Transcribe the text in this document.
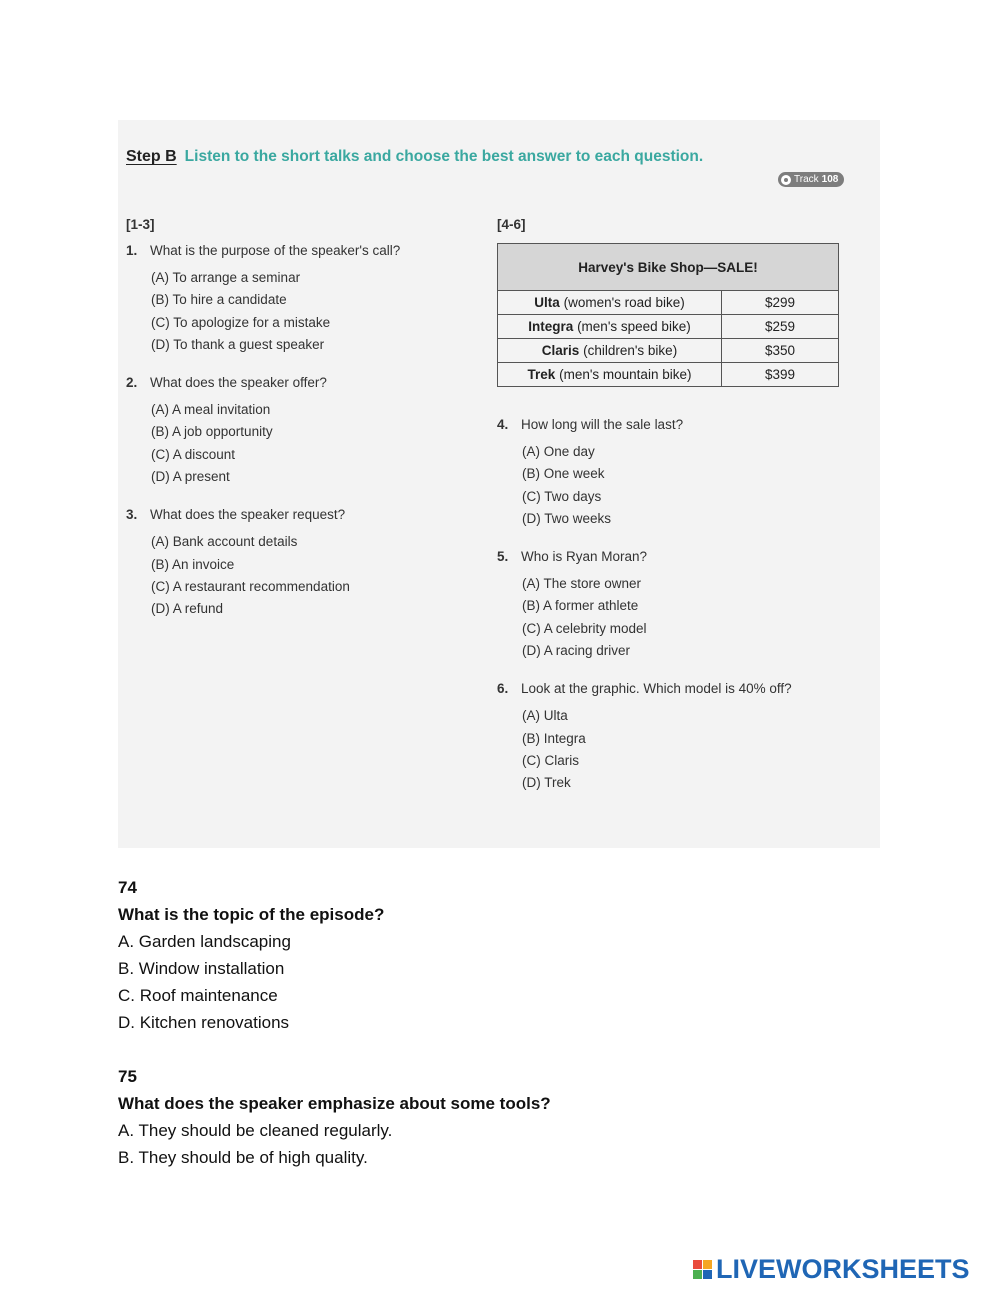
Step B Listen to the short talks and choose the best answer to each question.
Track 108
[1-3]
1. What is the purpose of the speaker's call?
(A) To arrange a seminar
(B) To hire a candidate
(C) To apologize for a mistake
(D) To thank a guest speaker
2. What does the speaker offer?
(A) A meal invitation
(B) A job opportunity
(C) A discount
(D) A present
3. What does the speaker request?
(A) Bank account details
(B) An invoice
(C) A restaurant recommendation
(D) A refund
[4-6]
Harvey's Bike Shop—SALE!	
Ulta (women's road bike)	$299
Integra (men's speed bike)	$259
Claris (children's bike)	$350
Trek (men's mountain bike)	$399
4. How long will the sale last?
(A) One day
(B) One week
(C) Two days
(D) Two weeks
5. Who is Ryan Moran?
(A) The store owner
(B) A former athlete
(C) A celebrity model
(D) A racing driver
6. Look at the graphic. Which model is 40% off?
(A) Ulta
(B) Integra
(C) Claris
(D) Trek
74
What is the topic of the episode?
A. Garden landscaping
B. Window installation
C. Roof maintenance
D. Kitchen renovations
75
What does the speaker emphasize about some tools?
A. They should be cleaned regularly.
B. They should be of high quality.
LIVEWORKSHEETS
